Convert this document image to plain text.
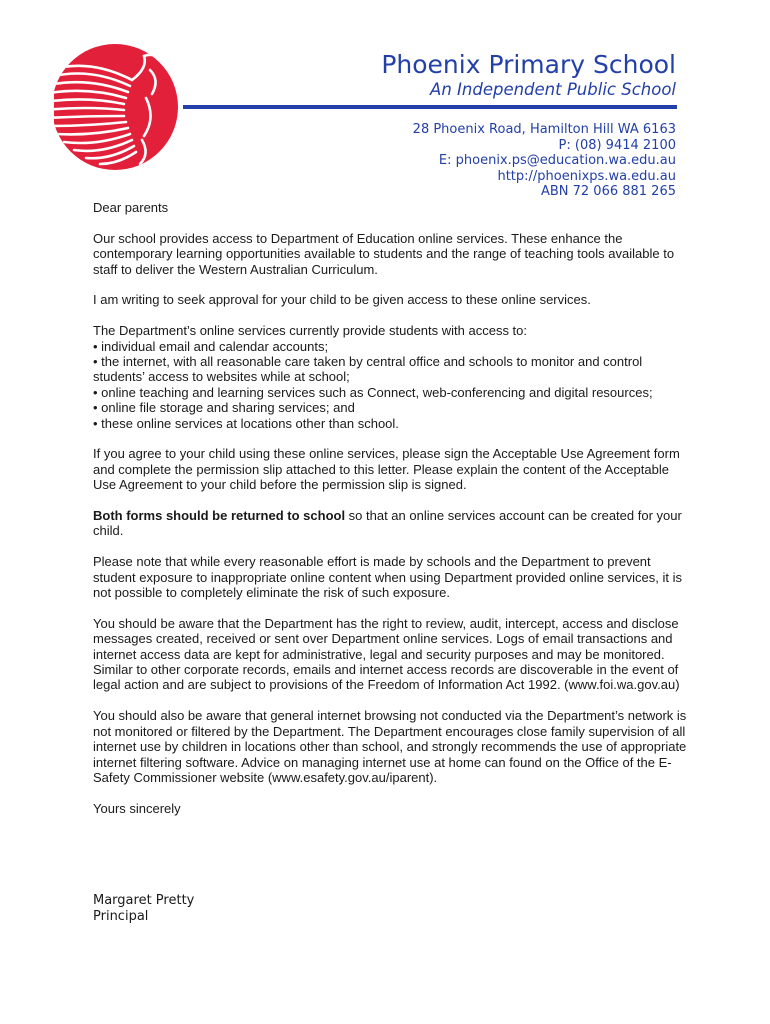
Phoenix Primary School
An Independent Public School
28 Phoenix Road, Hamilton Hill WA 6163
P: (08) 9414 2100
E: phoenix.ps@education.wa.edu.au
http://phoenixps.wa.edu.au
ABN 72 066 881 265

Dear parents

Our school provides access to Department of Education online services. These enhance the contemporary learning opportunities available to students and the range of teaching tools available to staff to deliver the Western Australian Curriculum.

I am writing to seek approval for your child to be given access to these online services.

The Department’s online services currently provide students with access to:
• individual email and calendar accounts;
• the internet, with all reasonable care taken by central office and schools to monitor and control students’ access to websites while at school;
• online teaching and learning services such as Connect, web-conferencing and digital resources;
• online file storage and sharing services; and
• these online services at locations other than school.

If you agree to your child using these online services, please sign the Acceptable Use Agreement form and complete the permission slip attached to this letter. Please explain the content of the Acceptable Use Agreement to your child before the permission slip is signed.

Both forms should be returned to school so that an online services account can be created for your child.

Please note that while every reasonable effort is made by schools and the Department to prevent student exposure to inappropriate online content when using Department provided online services, it is not possible to completely eliminate the risk of such exposure.

You should be aware that the Department has the right to review, audit, intercept, access and disclose messages created, received or sent over Department online services. Logs of email transactions and internet access data are kept for administrative, legal and security purposes and may be monitored. Similar to other corporate records, emails and internet access records are discoverable in the event of legal action and are subject to provisions of the Freedom of Information Act 1992. (www.foi.wa.gov.au)

You should also be aware that general internet browsing not conducted via the Department’s network is not monitored or filtered by the Department. The Department encourages close family supervision of all internet use by children in locations other than school, and strongly recommends the use of appropriate internet filtering software. Advice on managing internet use at home can found on the Office of the E-Safety Commissioner website (www.esafety.gov.au/iparent).

Yours sincerely

Margaret Pretty
Principal
